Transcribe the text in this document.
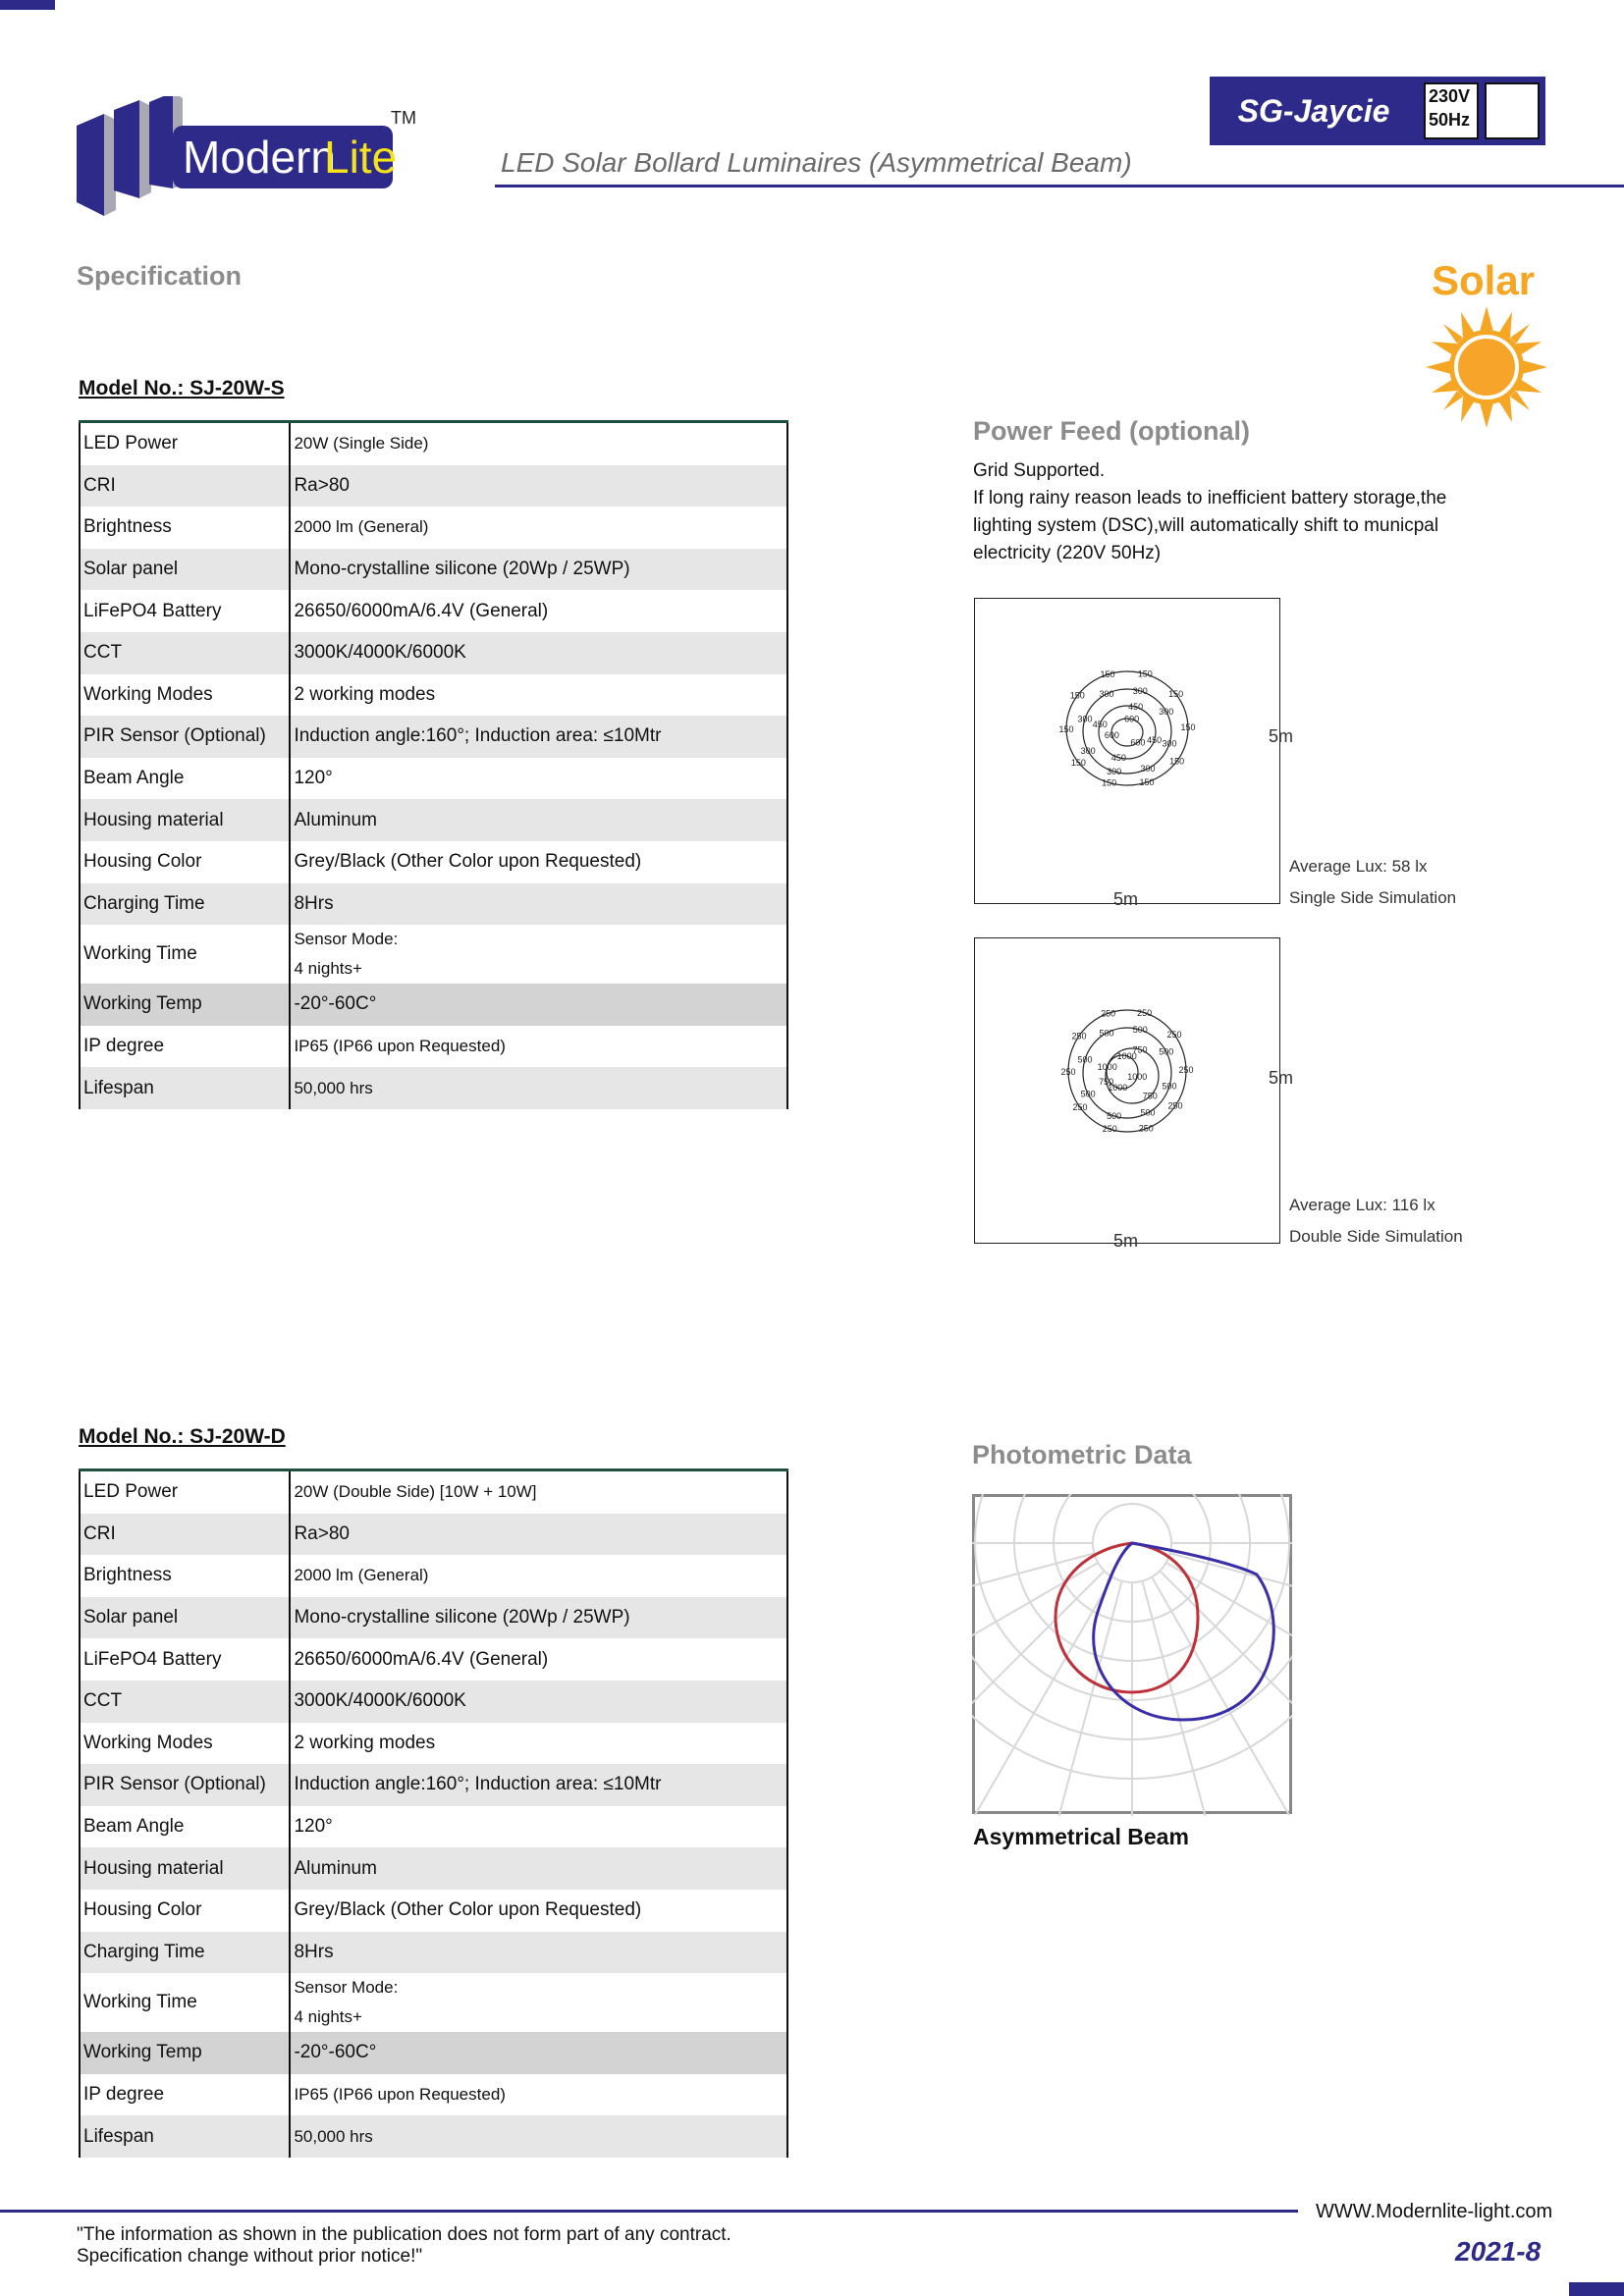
Modern
Lite
TM	SG-Jaycie	230V
50Hz
LED Solar Bollard Luminaires (Asymmetrical Beam)
Specification	Solar
Model No.: SJ-20W-S
LED Power	20W (Single Side)
CRI	Ra>80
Brightness	2000 lm (General)
Solar panel	Mono-crystalline silicone (20Wp / 25WP)
LiFePO4 Battery	26650/6000mA/6.4V (General)
CCT	3000K/4000K/6000K
Working Modes	2 working modes
PIR Sensor (Optional)	Induction angle:160°; Induction area: ≤10Mtr
Beam Angle	120°
Housing material	Aluminum
Housing Color	Grey/Black (Other Color upon Requested)
Charging Time	8Hrs
Working Time	Sensor Mode:
4 nights+

Working Temp	-20°-60C°
IP degree	IP65 (IP66 upon Requested)
Lifespan	50,000 hrs
Power Feed (optional)
Grid Supported.
If long rainy reason leads to inefficient battery storage,the
lighting system (DSC),will automatically shift to municpal
electricity (220V 50Hz)
150
150
150
150
150
150
150
150
150
150
300
300
300
300
300
300
300
300
450
450
450
450
600
600
600	5m
5m
Average Lux: 58 lx
Single Side Simulation
250
250
250
250
250
250
250
250
250
250
500
500
500
500
500
500
500
500
750
750
750
1000
1000
1000
1000
5m
5m
Average Lux: 116 lx
Double Side Simulation
Model No.: SJ-20W-D
LED Power	20W (Double Side) [10W + 10W]
CRI	Ra>80
Brightness	2000 lm (General)
Solar panel	Mono-crystalline silicone (20Wp / 25WP)
LiFePO4 Battery	26650/6000mA/6.4V (General)
CCT	3000K/4000K/6000K
Working Modes	2 working modes
PIR Sensor (Optional)	Induction angle:160°; Induction area: ≤10Mtr
Beam Angle	120°
Housing material	Aluminum
Housing Color	Grey/Black (Other Color upon Requested)
Charging Time	8Hrs
Working Time	Sensor Mode:
4 nights+

Working Temp	-20°-60C°
IP degree	IP65 (IP66 upon Requested)
Lifespan	50,000 hrs
Photometric Data
Asymmetrical Beam
WWW.Modernlite-light.com
"The information as shown in the publication does not form part of any contract.
Specification change without prior notice!"	2021-8
